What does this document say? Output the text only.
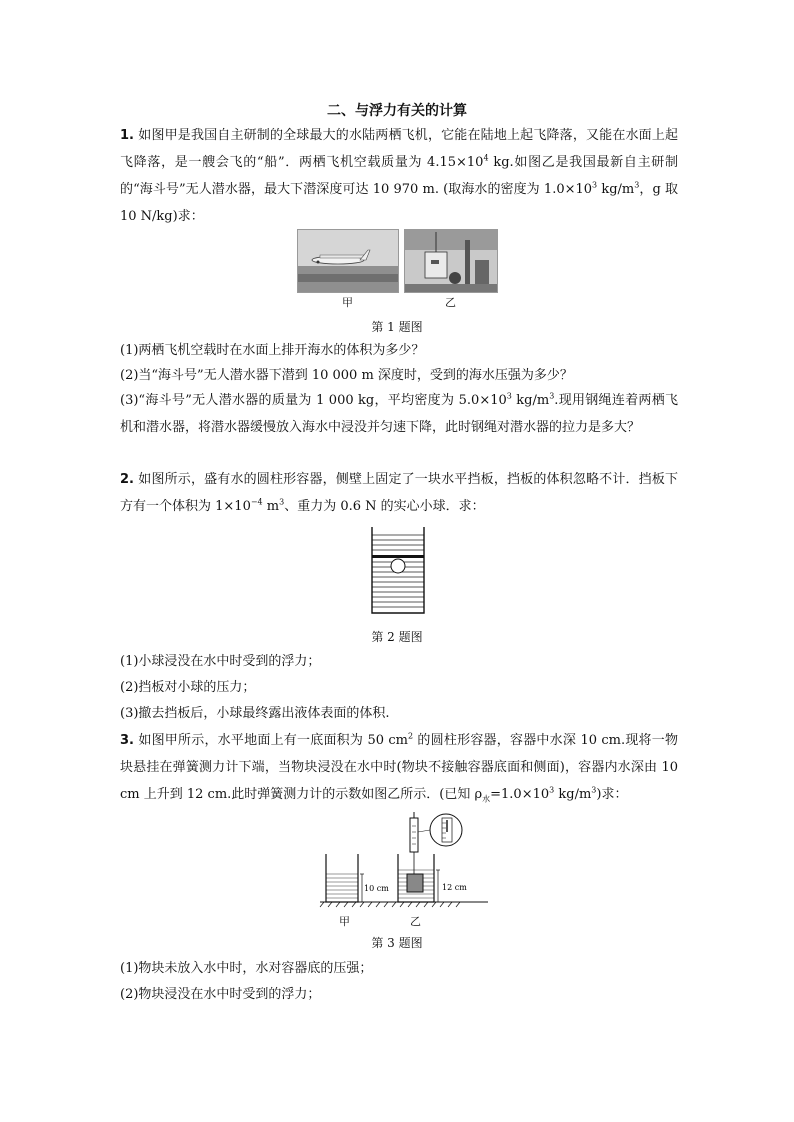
二、与浮力有关的计算
1. 如图甲是我国自主研制的全球最大的水陆两栖飞机，它能在陆地上起飞降落，又能在水面上起飞降落，是一艘会飞的“船”．两栖飞机空载质量为 $4.15\times 10^4$ kg.如图乙是我国最新自主研制的“海斗号”无人潜水器，最大下潜深度可达 10 970 m. (取海水的密度为 $1.0\times 10^3$ $kg/m^3$，g 取 10 N/kg)求：
甲	乙
第 1 题图
(1)两栖飞机空载时在水面上排开海水的体积为多少？
(2)当“海斗号”无人潜水器下潜到 10 000 m 深度时，受到的海水压强为多少？
(3)“海斗号”无人潜水器的质量为 1 000 kg，平均密度为 $5.0\times 10^3$ $kg/m^3$.现用钢绳连着两栖飞机和潜水器，将潜水器缓慢放入海水中浸没并匀速下降，此时钢绳对潜水器的拉力是多大？
2. 如图所示，盛有水的圆柱形容器，侧壁上固定了一块水平挡板，挡板的体积忽略不计．挡板下方有一个体积为 $1\times 10^{-4}$ $m^3$、重力为 0.6 N 的实心小球．求：
第 2 题图
(1)小球浸没在水中时受到的浮力；
(2)挡板对小球的压力；
(3)撤去挡板后，小球最终露出液体表面的体积.
3. 如图甲所示，水平地面上有一底面积为 50 $cm^2$ 的圆柱形容器，容器中水深 10 cm.现将一物块悬挂在弹簧测力计下端，当物块浸没在水中时(物块不接触容器底面和侧面)，容器内水深由 10 cm 上升到 12 cm.此时弹簧测力计的示数如图乙所示．(已知 $\rho_水=1.0\times 10^3$ $kg/m^3$)求：
10 cm	12 cm
甲	乙
第 3 题图
(1)物块未放入水中时，水对容器底的压强；
(2)物块浸没在水中时受到的浮力；
